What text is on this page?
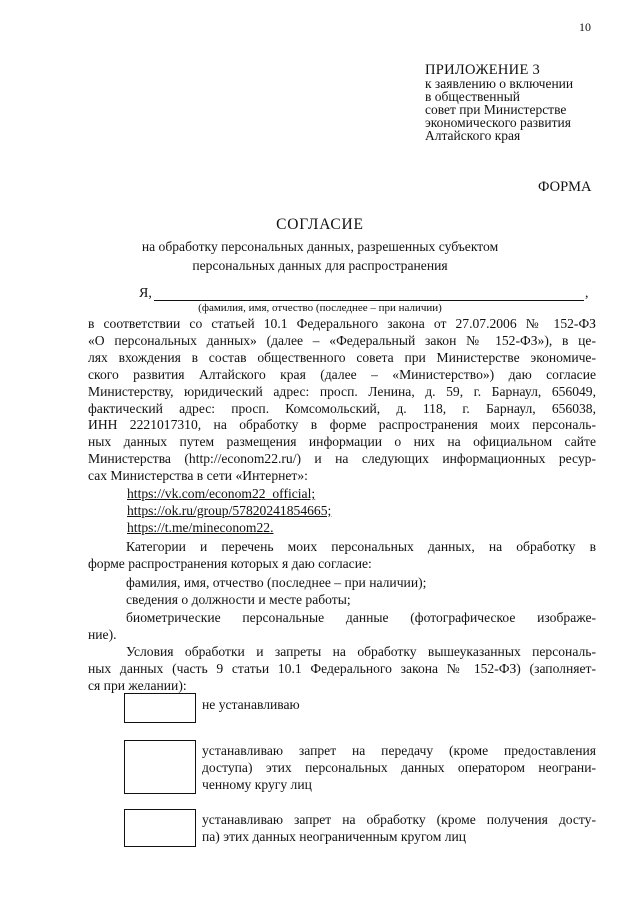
10
ПРИЛОЖЕНИЕ 3
к заявлению о включении
в общественный
совет при Министерстве
экономического развития
Алтайского края
ФОРМА
СОГЛАСИЕ
на обработку персональных данных, разрешенных субъектом
персональных данных для распространения
Я,	,
(фамилия, имя, отчество (последнее – при наличии)
в соответствии со статьей 10.1 Федерального закона от 27.07.2006 № 152-ФЗ
«О персональных данных» (далее – «Федеральный закон № 152-ФЗ»), в це-
лях вхождения в состав общественного совета при Министерстве экономиче-
ского развития Алтайского края (далее – «Министерство») даю согласие
Министерству, юридический адрес: просп. Ленина, д. 59, г. Барнаул, 656049,
фактический адрес: просп. Комсомольский, д. 118, г. Барнаул, 656038,
ИНН 2221017310, на обработку в форме распространения моих персональ-
ных данных путем размещения информации о них на официальном сайте
Министерства (http://econom22.ru/) и на следующих информационных ресур-
сах Министерства в сети «Интернет»:
https://vk.com/econom22_official;
https://ok.ru/group/57820241854665;
https://t.me/mineconom22.
Категории и перечень моих персональных данных, на обработку в
форме распространения которых я даю согласие:
фамилия, имя, отчество (последнее – при наличии);
сведения о должности и месте работы;
биометрические персональные данные (фотографическое изображе-
ние).
Условия обработки и запреты на обработку вышеуказанных персональ-
ных данных (часть 9 статьи 10.1 Федерального закона № 152-ФЗ) (заполняет-
ся при желании):
не устанавливаю
устанавливаю запрет на передачу (кроме предоставления
доступа) этих персональных данных оператором неограни-
ченному кругу лиц
устанавливаю запрет на обработку (кроме получения досту-
па) этих данных неограниченным кругом лиц
